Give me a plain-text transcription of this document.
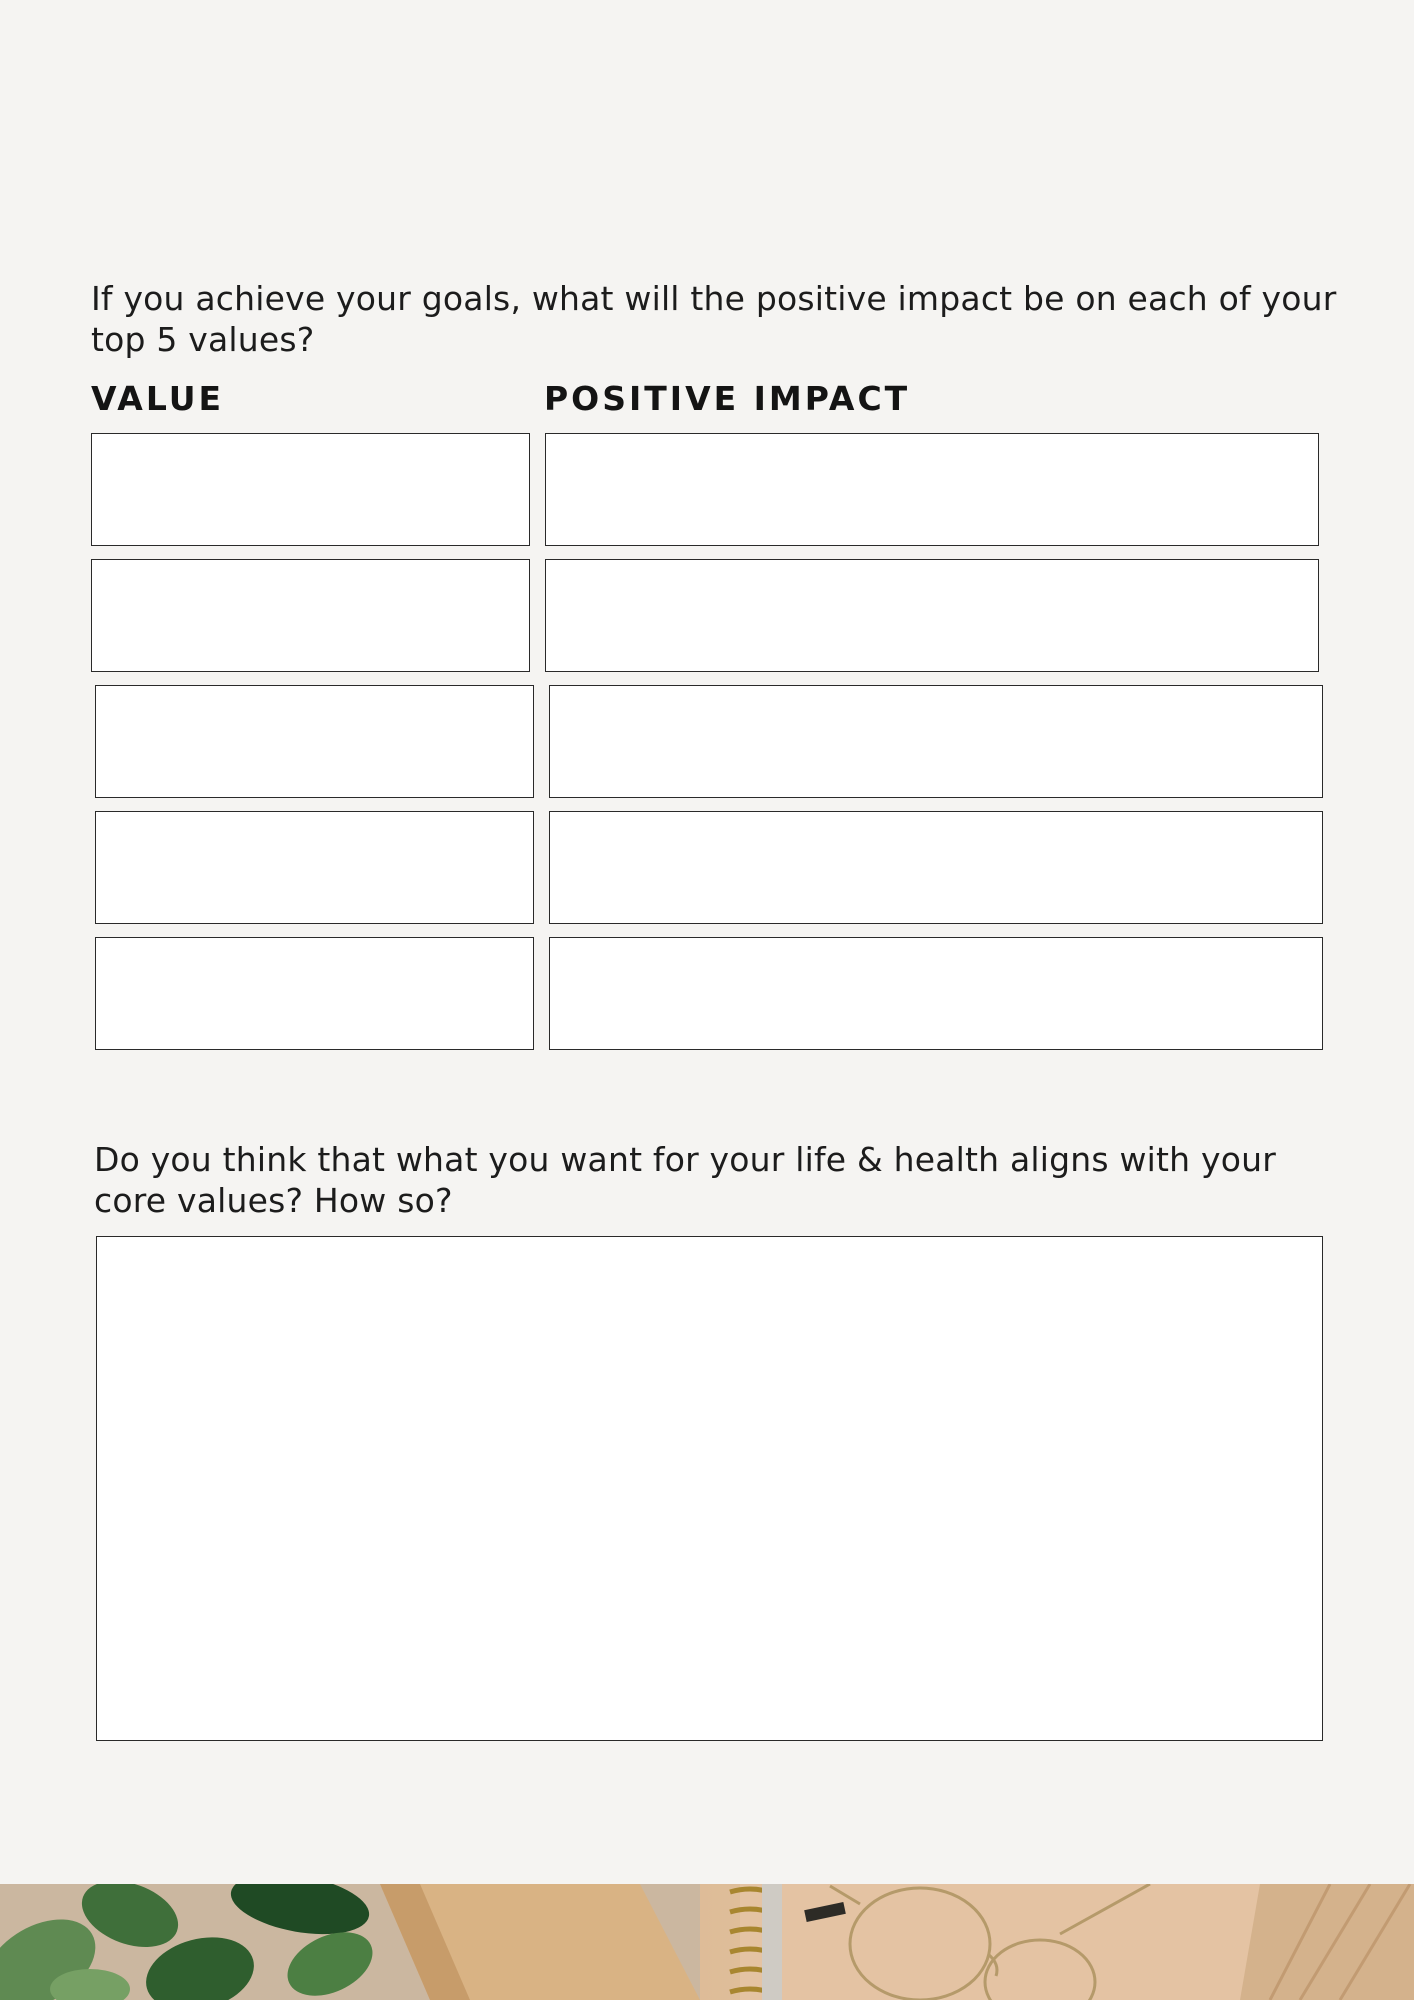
If you achieve your goals, what will the positive impact be on each of your top 5 values?

VALUE	POSITIVE IMPACT

Do you think that what you want for your life & health aligns with your core values? How so?
